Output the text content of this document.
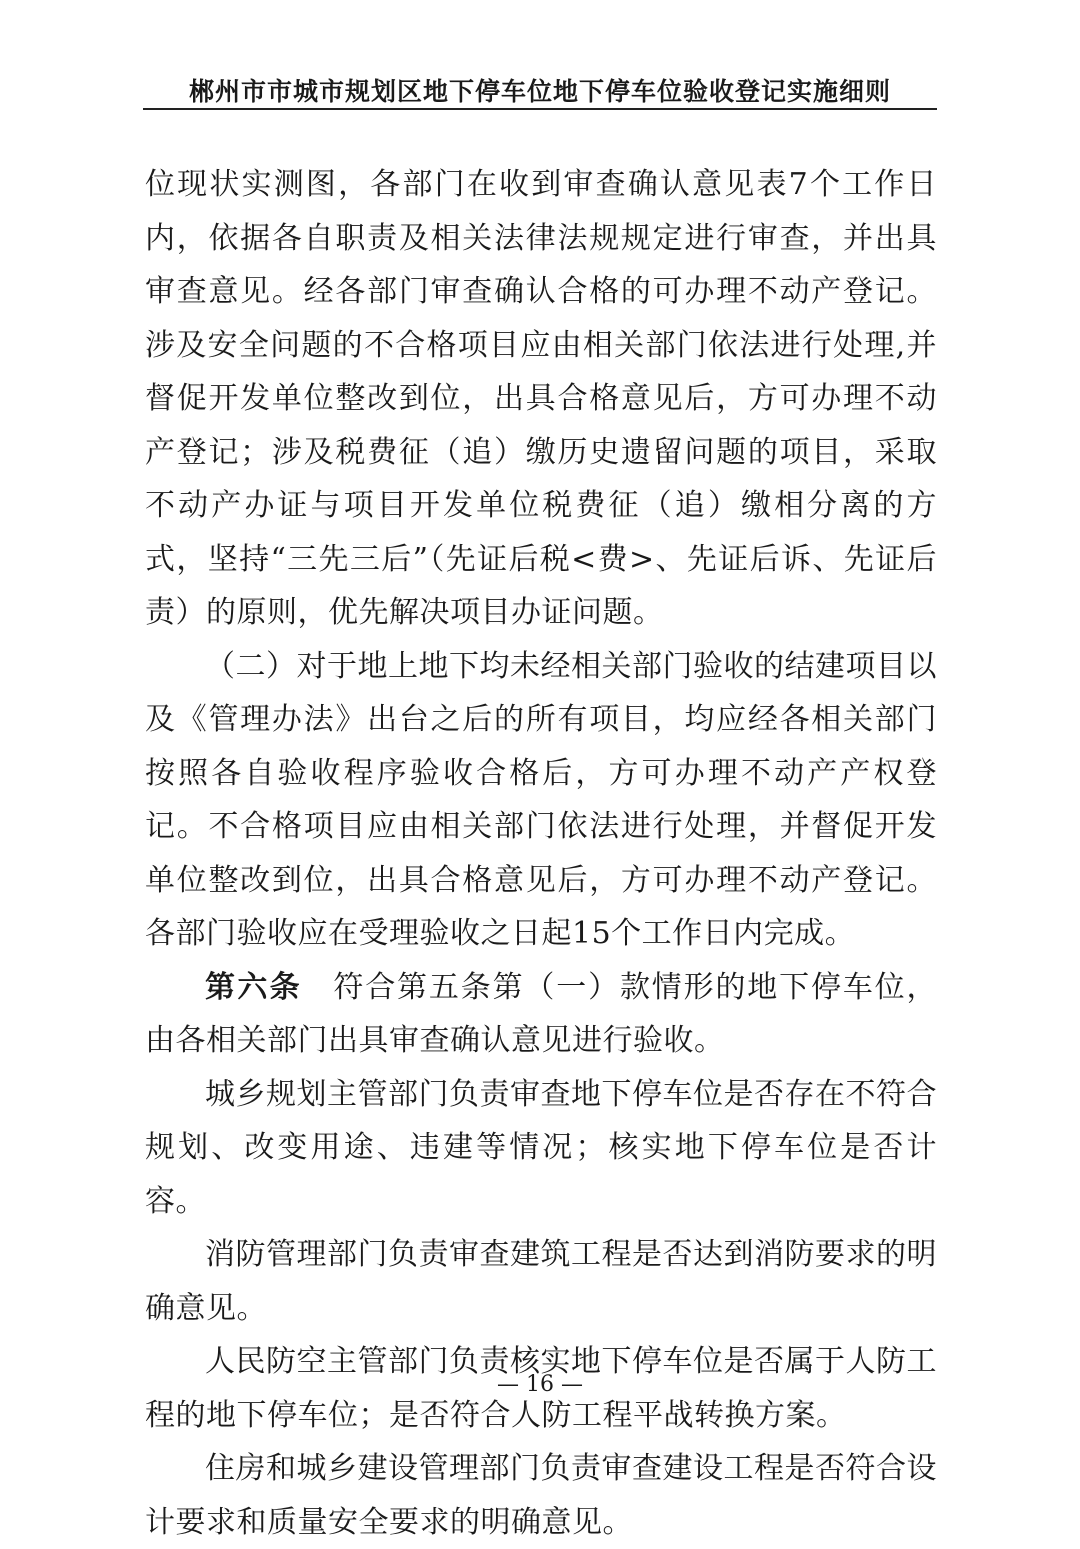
郴州市市城市规划区地下停车位地下停车位验收登记实施细则

位现状实测图，各部门在收到审查确认意见表7个工作日内，依据各自职责及相关法律法规规定进行审查，并出具审查意见。经各部门审查确认合格的可办理不动产登记。涉及安全问题的不合格项目应由相关部门依法进行处理,并督促开发单位整改到位，出具合格意见后，方可办理不动产登记；涉及税费征（追）缴历史遗留问题的项目，采取不动产办证与项目开发单位税费征（追）缴相分离的方式，坚持“三先三后”（先证后税<费>、先证后诉、先证后责）的原则，优先解决项目办证问题。

（二）对于地上地下均未经相关部门验收的结建项目以及《管理办法》出台之后的所有项目，均应经各相关部门按照各自验收程序验收合格后，方可办理不动产产权登记。不合格项目应由相关部门依法进行处理，并督促开发单位整改到位，出具合格意见后，方可办理不动产登记。各部门验收应在受理验收之日起15个工作日内完成。

第六条 符合第五条第（一）款情形的地下停车位，由各相关部门出具审查确认意见进行验收。

城乡规划主管部门负责审查地下停车位是否存在不符合规划、改变用途、违建等情况；核实地下停车位是否计容。

消防管理部门负责审查建筑工程是否达到消防要求的明确意见。

人民防空主管部门负责核实地下停车位是否属于人防工程的地下停车位；是否符合人防工程平战转换方案。

住房和城乡建设管理部门负责审查建设工程是否符合设计要求和质量安全要求的明确意见。

— 16 —
